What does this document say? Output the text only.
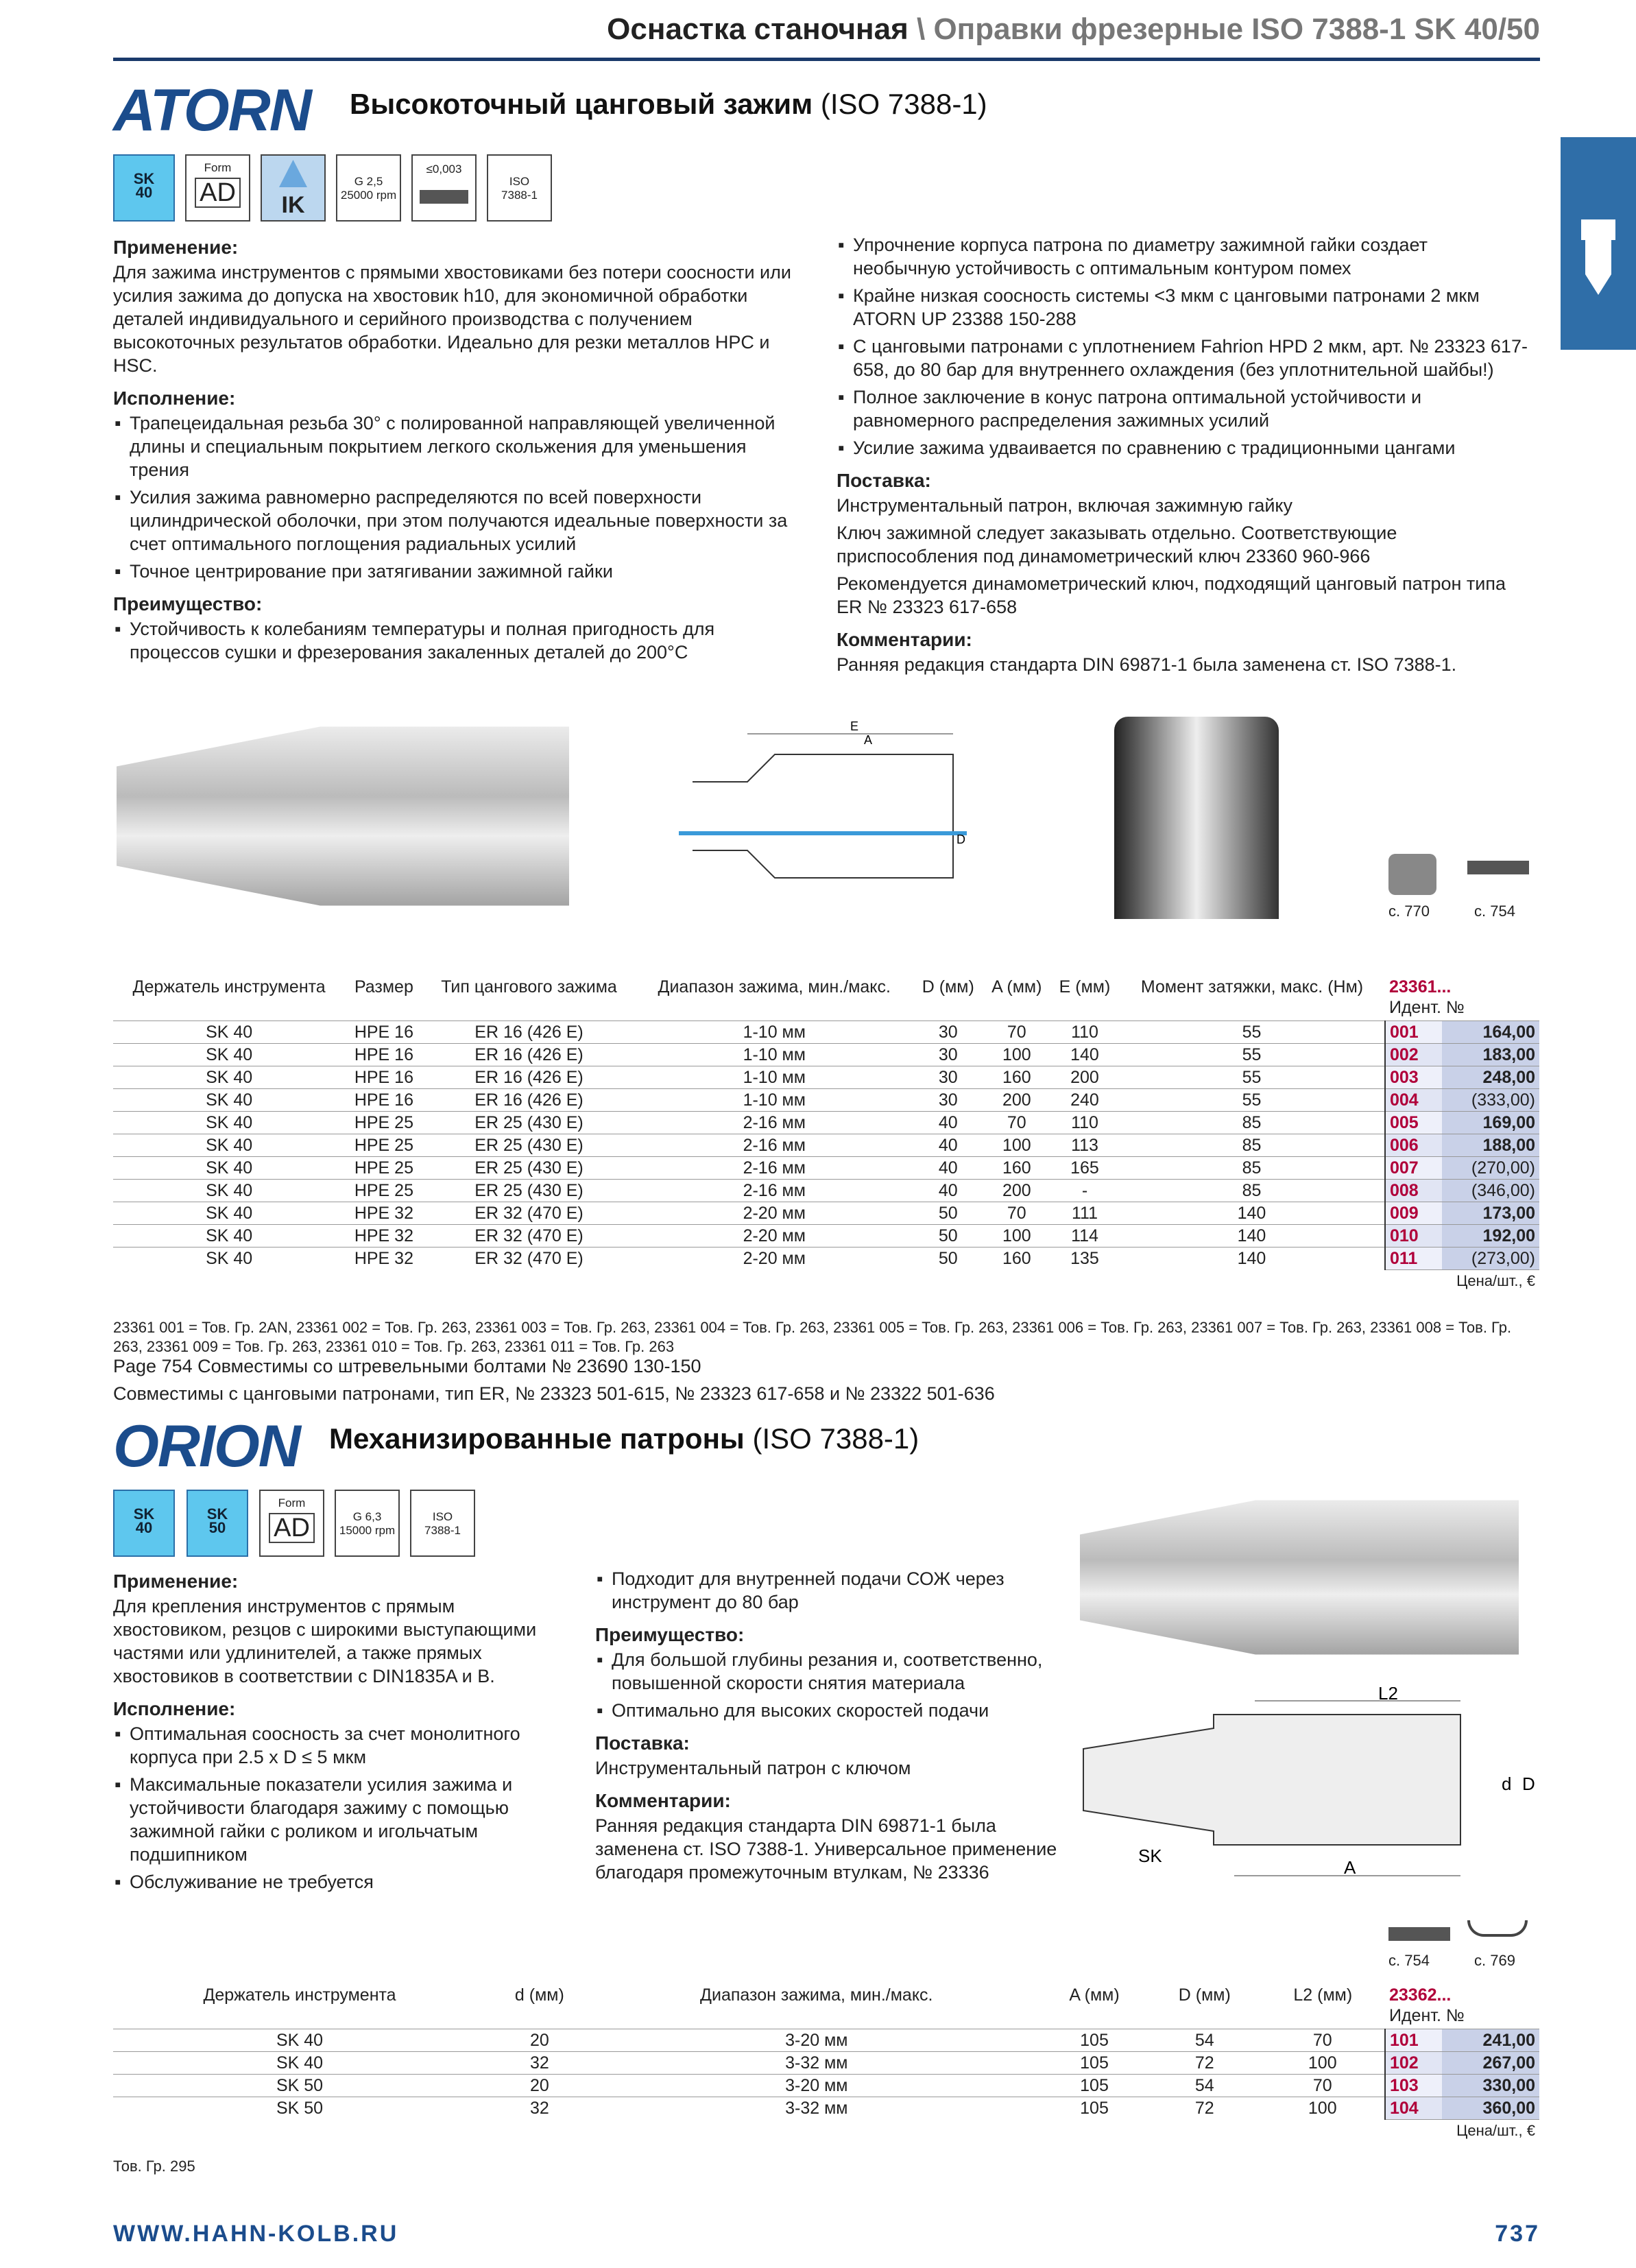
Оснастка станочная \ Оправки фрезерные ISO 7388-1 SK 40/50
ATORN Высокоточный цанговый зажим (ISO 7388-1)
SK
40
Form
AD	IK
G 2,5
25000 rpm
≤0,003
ISO
7388-1
Применение:

Для зажима инструментов с прямыми хвостовиками без потери соосности или усилия зажима до допуска на хвостовик h10, для экономичной обработки деталей индивидуального и серийного производства с получением высокоточных результатов обработки. Идеально для резки металлов HPC и HSC.

Исполнение:
▪ Трапецеидальная резьба 30° с полированной направляющей увеличенной длины и специальным покрытием легкого скольжения для уменьшения трения
▪ Усилия зажима равномерно распределяются по всей поверхности цилиндрической оболочки, при этом получаются идеальные поверхности за счет оптимального поглощения радиальных усилий
▪ Точное центрирование при затягивании зажимной гайки
Преимущество:
▪ Устойчивость к колебаниям температуры и полная пригодность для процессов сушки и фрезерования закаленных деталей до 200°C
▪ Упрочнение корпуса патрона по диаметру зажимной гайки создает необычную устойчивость с оптимальным контуром помех
▪ Крайне низкая соосность системы <3 мкм с цанговыми патронами 2 мкм ATORN UP 23388 150-288
▪ С цанговыми патронами с уплотнением Fahrion HPD 2 мкм, арт. № 23323 617-658, до 80 бар для внутреннего охлаждения (без уплотнительной шайбы!)
▪ Полное заключение в конус патрона оптимальной устойчивости и равномерного распределения зажимных усилий
▪ Усилие зажима удваивается по сравнению с традиционными цангами
Поставка:

Инструментальный патрон, включая зажимную гайку

Ключ зажимной следует заказывать отдельно. Соответствующие приспособления под динамометрический ключ 23360 960-966

Рекомендуется динамометрический ключ, подходящий цанговый патрон типа ER № 23323 617-658

Комментарии:

Ранняя редакция стандарта DIN 69871-1 была заменена ст. ISO 7388-1.

E
A
D
с. 770	с. 754
Держатель инструмента	Размер	Тип цангового зажима	Диапазон зажима, мин./макс.	D (мм)	A (мм)	E (мм)	Момент затяжки, макс. (Нм)	23361...
Идент. №	
SK 40	HPE 16	ER 16 (426 E)	1-10 мм	30	70	110	55	001	164,00
SK 40	HPE 16	ER 16 (426 E)	1-10 мм	30	100	140	55	002	183,00
SK 40	HPE 16	ER 16 (426 E)	1-10 мм	30	160	200	55	003	248,00
SK 40	HPE 16	ER 16 (426 E)	1-10 мм	30	200	240	55	004	(333,00)
SK 40	HPE 25	ER 25 (430 E)	2-16 мм	40	70	110	85	005	169,00
SK 40	HPE 25	ER 25 (430 E)	2-16 мм	40	100	113	85	006	188,00
SK 40	HPE 25	ER 25 (430 E)	2-16 мм	40	160	165	85	007	(270,00)
SK 40	HPE 25	ER 25 (430 E)	2-16 мм	40	200	-	85	008	(346,00)
SK 40	HPE 32	ER 32 (470 E)	2-20 мм	50	70	111	140	009	173,00
SK 40	HPE 32	ER 32 (470 E)	2-20 мм	50	100	114	140	010	192,00
SK 40	HPE 32	ER 32 (470 E)	2-20 мм	50	160	135	140	011	(273,00)
								Цена/шт., €	
23361 001 = Тов. Гр. 2AN, 23361 002 = Тов. Гр. 263, 23361 003 = Тов. Гр. 263, 23361 004 = Тов. Гр. 263, 23361 005 = Тов. Гр. 263, 23361 006 = Тов. Гр. 263, 23361 007 = Тов. Гр. 263, 23361 008 = Тов. Гр. 263, 23361 009 = Тов. Гр. 263, 23361 010 = Тов. Гр. 263, 23361 011 = Тов. Гр. 263
Page 754 Совместимы со штревельными болтами № 23690 130-150
Совместимы с цанговыми патронами, тип ER, № 23323 501-615, № 23323 617-658 и № 23322 501-636
ORION Механизированные патроны (ISO 7388-1)
SK
40
SK
50
Form
AD	G 6,3
15000 rpm
ISO
7388-1
Применение:

Для крепления инструментов с прямым хвостовиком, резцов с широкими выступающими частями или удлинителей, а также прямых хвостовиков в соответствии с DIN1835A и B.

Исполнение:
▪ Оптимальная соосность за счет монолитного корпуса при 2.5 x D ≤ 5 мкм
▪ Максимальные показатели усилия зажима и устойчивости благодаря зажиму с помощью зажимной гайки с роликом и игольчатым подшипником
▪ Обслуживание не требуется
▪ Подходит для внутренней подачи СОЖ через инструмент до 80 бар
Преимущество:
▪ Для большой глубины резания и, соответственно, повышенной скорости снятия материала
▪ Оптимально для высоких скоростей подачи
Поставка:

Инструментальный патрон с ключом

Комментарии:

Ранняя редакция стандарта DIN 69871-1 была заменена ст. ISO 7388-1. Универсальное применение благодаря промежуточным втулкам, № 23336

L2
d D
SK
A
с. 754	с. 769
Держатель инструмента	d (мм)	Диапазон зажима, мин./макс.	A (мм)	D (мм)	L2 (мм)	23362...
Идент. №	
SK 40	20	3-20 мм	105	54	70	101	241,00
SK 40	32	3-32 мм	105	72	100	102	267,00
SK 50	20	3-20 мм	105	54	70	103	330,00
SK 50	32	3-32 мм	105	72	100	104	360,00
						Цена/шт., €	
Тов. Гр. 295
WWW.HAHN-KOLB.RU	737
